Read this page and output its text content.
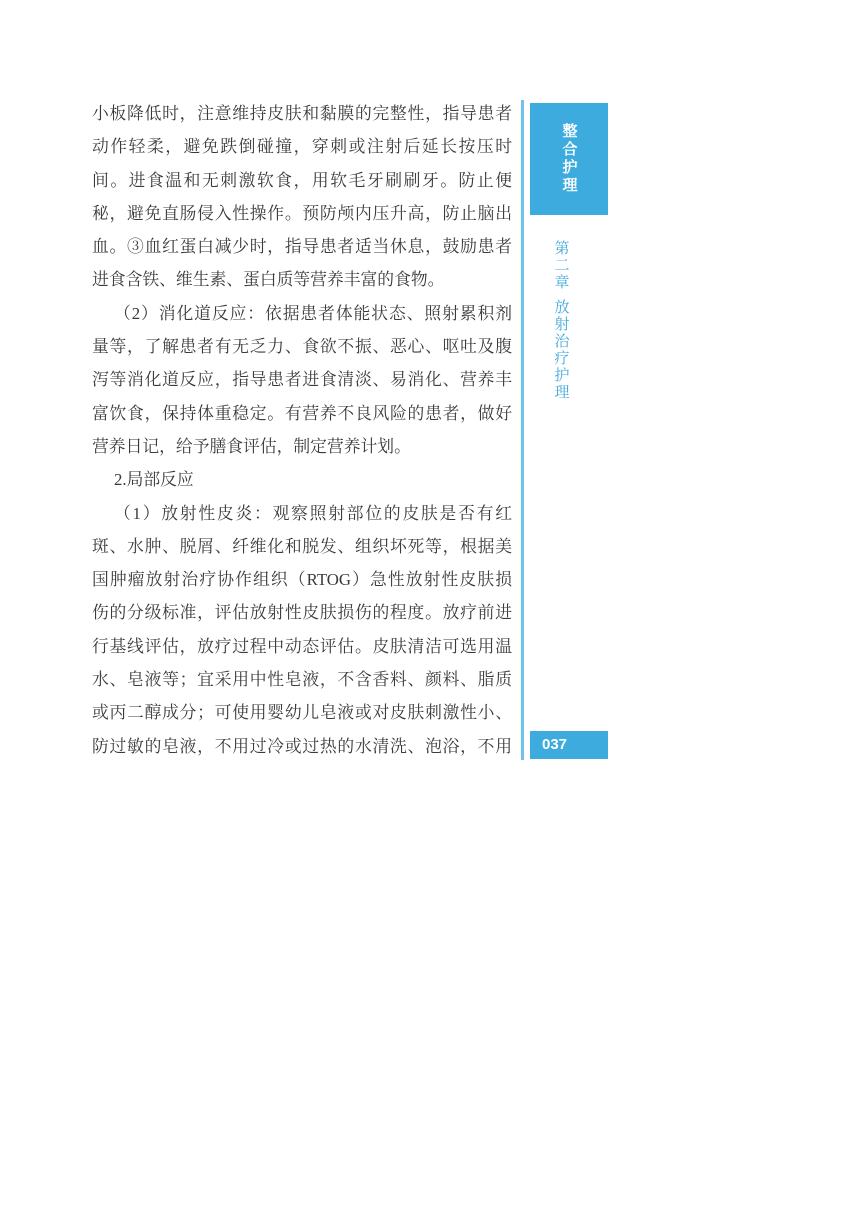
小板降低时，注意维持皮肤和黏膜的完整性，指导患者
动作轻柔，避免跌倒碰撞，穿刺或注射后延长按压时
间。进食温和无刺激软食，用软毛牙刷刷牙。防止便
秘，避免直肠侵入性操作。预防颅内压升高，防止脑出
血。③血红蛋白减少时，指导患者适当休息，鼓励患者
进食含铁、维生素、蛋白质等营养丰富的食物。
（2）消化道反应：依据患者体能状态、照射累积剂
量等，了解患者有无乏力、食欲不振、恶心、呕吐及腹
泻等消化道反应，指导患者进食清淡、易消化、营养丰
富饮食，保持体重稳定。有营养不良风险的患者，做好
营养日记，给予膳食评估，制定营养计划。
2.局部反应
（1）放射性皮炎：观察照射部位的皮肤是否有红
斑、水肿、脱屑、纤维化和脱发、组织坏死等，根据美
国肿瘤放射治疗协作组织（RTOG）急性放射性皮肤损
伤的分级标准，评估放射性皮肤损伤的程度。放疗前进
行基线评估，放疗过程中动态评估。皮肤清洁可选用温
水、皂液等；宜采用中性皂液，不含香料、颜料、脂质
或丙二醇成分；可使用婴幼儿皂液或对皮肤刺激性小、
防过敏的皂液，不用过冷或过热的水清洗、泡浴，不用
整合护理
第二章
放射治疗护理
037
